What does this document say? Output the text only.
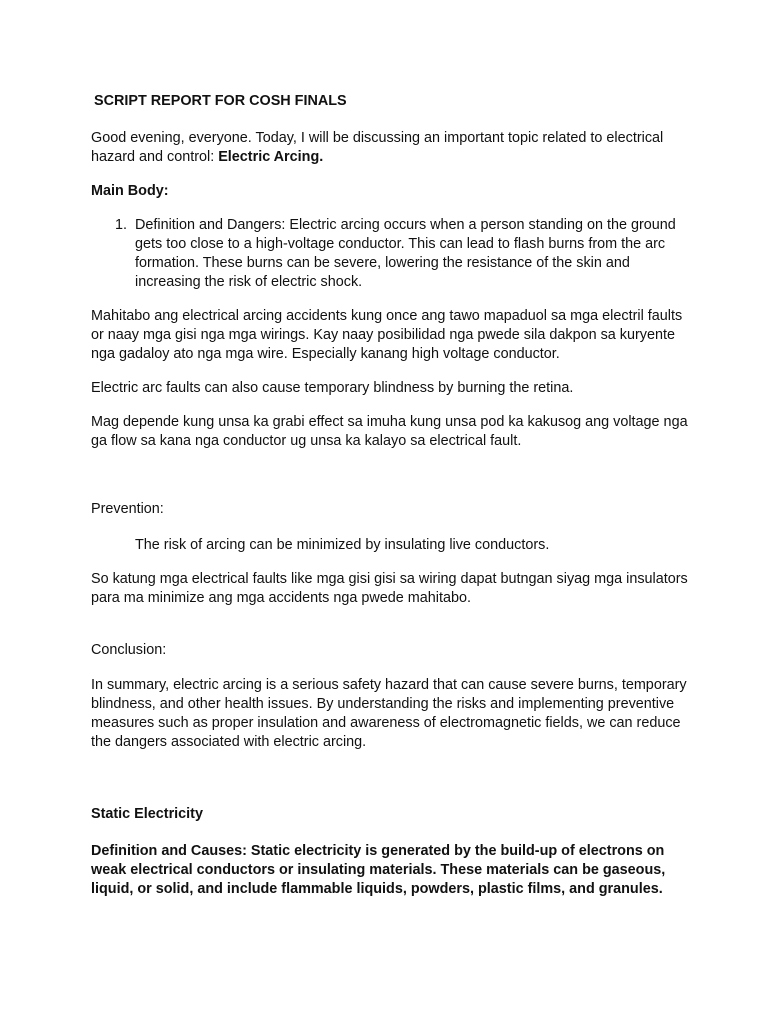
SCRIPT REPORT FOR COSH FINALS

Good evening, everyone. Today, I will be discussing an important topic related to electrical hazard and control: Electric Arcing.

Main Body:

1. Definition and Dangers: Electric arcing occurs when a person standing on the ground gets too close to a high-voltage conductor. This can lead to flash burns from the arc formation. These burns can be severe, lowering the resistance of the skin and increasing the risk of electric shock.

Mahitabo ang electrical arcing accidents kung once ang tawo mapaduol sa mga electril faults or naay mga gisi nga mga wirings. Kay naay posibilidad nga pwede sila dakpon sa kuryente nga gadaloy ato nga mga wire. Especially kanang high voltage conductor.

Electric arc faults can also cause temporary blindness by burning the retina.

Mag depende kung unsa ka grabi effect sa imuha kung unsa pod ka kakusog ang voltage nga ga flow sa kana nga conductor ug unsa ka kalayo sa electrical fault.

Prevention:

The risk of arcing can be minimized by insulating live conductors.

So katung mga electrical faults like mga gisi gisi sa wiring dapat butngan siyag mga insulators para ma minimize ang mga accidents nga pwede mahitabo.

Conclusion:

In summary, electric arcing is a serious safety hazard that can cause severe burns, temporary blindness, and other health issues. By understanding the risks and implementing preventive measures such as proper insulation and awareness of electromagnetic fields, we can reduce the dangers associated with electric arcing.

Static Electricity

Definition and Causes: Static electricity is generated by the build-up of electrons on weak electrical conductors or insulating materials. These materials can be gaseous, liquid, or solid, and include flammable liquids, powders, plastic films, and granules.
